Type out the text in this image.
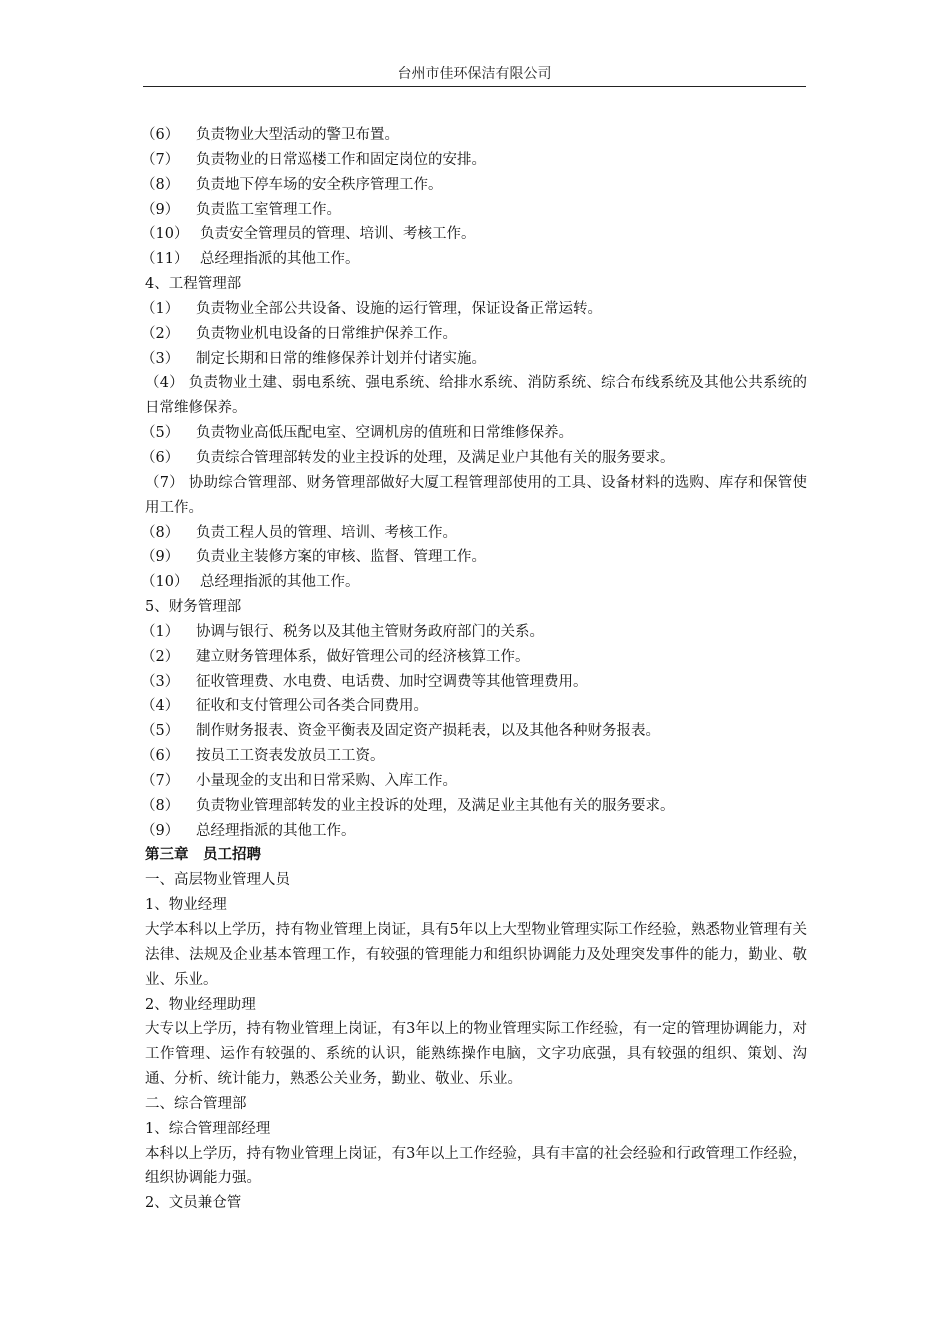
台州市佳环保洁有限公司
（6） 负责物业大型活动的警卫布置。
（7） 负责物业的日常巡楼工作和固定岗位的安排。
（8） 负责地下停车场的安全秩序管理工作。
（9） 负责监工室管理工作。
（10） 负责安全管理员的管理、培训、考核工作。
（11） 总经理指派的其他工作。
4、工程管理部
（1） 负责物业全部公共设备、设施的运行管理，保证设备正常运转。
（2） 负责物业机电设备的日常维护保养工作。
（3） 制定长期和日常的维修保养计划并付诸实施。
（4） 负责物业土建、弱电系统、强电系统、给排水系统、消防系统、综合布线系统及其他公共系统的日常维修保养。
（5） 负责物业高低压配电室、空调机房的值班和日常维修保养。
（6） 负责综合管理部转发的业主投诉的处理，及满足业户其他有关的服务要求。
（7） 协助综合管理部、财务管理部做好大厦工程管理部使用的工具、设备材料的选购、库存和保管使用工作。
（8） 负责工程人员的管理、培训、考核工作。
（9） 负责业主装修方案的审核、监督、管理工作。
（10） 总经理指派的其他工作。
5、财务管理部
（1） 协调与银行、税务以及其他主管财务政府部门的关系。
（2） 建立财务管理体系，做好管理公司的经济核算工作。
（3） 征收管理费、水电费、电话费、加时空调费等其他管理费用。
（4） 征收和支付管理公司各类合同费用。
（5） 制作财务报表、资金平衡表及固定资产损耗表，以及其他各种财务报表。
（6） 按员工工资表发放员工工资。
（7） 小量现金的支出和日常采购、入库工作。
（8） 负责物业管理部转发的业主投诉的处理，及满足业主其他有关的服务要求。
（9） 总经理指派的其他工作。
第三章　员工招聘
一、高层物业管理人员
1、物业经理
大学本科以上学历，持有物业管理上岗证，具有5年以上大型物业管理实际工作经验，熟悉物业管理有关法律、法规及企业基本管理工作，有较强的管理能力和组织协调能力及处理突发事件的能力，勤业、敬业、乐业。
2、物业经理助理
大专以上学历，持有物业管理上岗证，有3年以上的物业管理实际工作经验，有一定的管理协调能力，对工作管理、运作有较强的、系统的认识，能熟练操作电脑，文字功底强，具有较强的组织、策划、沟通、分析、统计能力，熟悉公关业务，勤业、敬业、乐业。
二、综合管理部
1、综合管理部经理
本科以上学历，持有物业管理上岗证，有3年以上工作经验，具有丰富的社会经验和行政管理工作经验，组织协调能力强。
2、文员兼仓管
